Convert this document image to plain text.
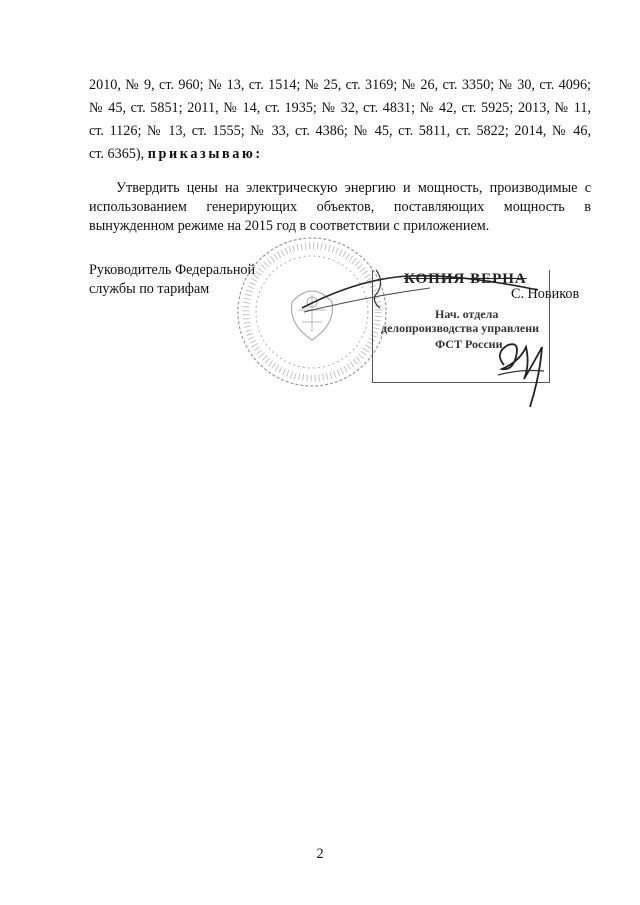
2010, № 9, ст. 960; № 13, ст. 1514; № 25, ст. 3169; № 26, ст. 3350; № 30, ст. 4096;
№ 45, ст. 5851; 2011, № 14, ст. 1935; № 32, ст. 4831; № 42, ст. 5925; 2013, № 11,
ст. 1126; № 13, ст. 1555; № 33, ст. 4386; № 45, ст. 5811, ст. 5822; 2014, № 46,
ст. 6365), приказываю:
Утвердить цены на электрическую энергию и мощность, производимые с
использованием генерирующих объектов, поставляющих мощность в
вынужденном режиме на 2015 год в соответствии с приложением.
Руководитель Федеральной
службы по тарифам	С. Новиков
КОПИЯ ВЕРНА
Нач. отдела
делопроизводства управлени
ФСТ России
2
